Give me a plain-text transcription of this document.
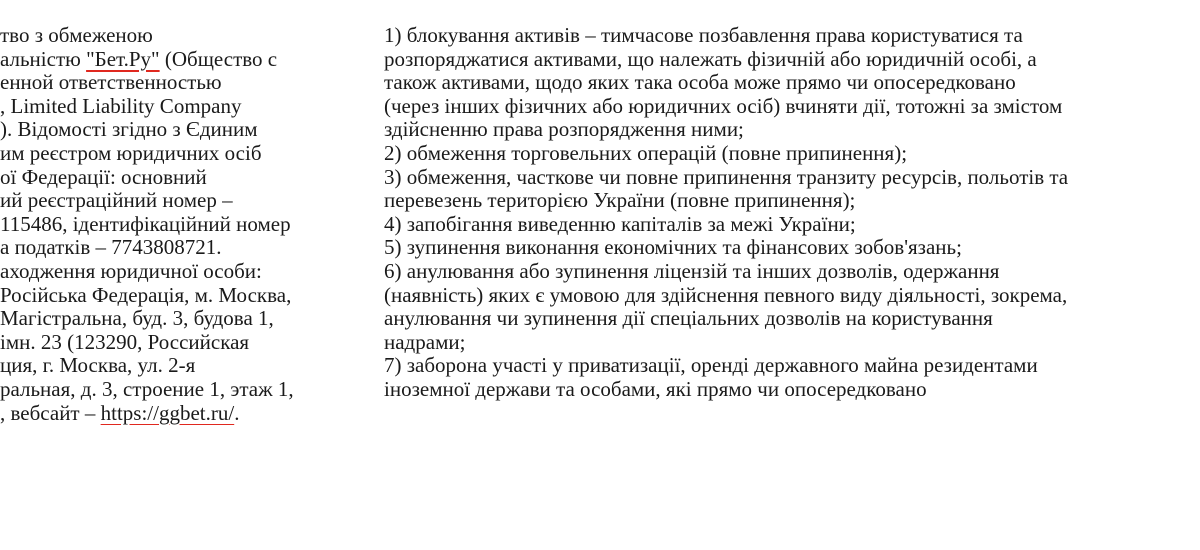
тво з обмеженою
альністю "Бет.Ру" (Общество с
енной ответственностью
, Limited Liability Company
). Відомості згідно з Єдиним
им реєстром юридичних осіб
ої Федерації: основний
ий реєстраційний номер –
115486, ідентифікаційний номер
а податків – 7743808721.
аходження юридичної особи:
Російська Федерація, м. Москва,
Магістральна, буд. 3, будова 1,
імн. 23 (123290, Российская
ция, г. Москва, ул. 2-я
ральная, д. 3, строение 1, этаж 1,
, вебсайт – https://ggbet.ru/.
1) блокування активів – тимчасове позбавлення права користуватися та
розпоряджатися активами, що належать фізичній або юридичній особі, а
також активами, щодо яких така особа може прямо чи опосередковано
(через інших фізичних або юридичних осіб) вчиняти дії, тотожні за змістом
здійсненню права розпорядження ними;
2) обмеження торговельних операцій (повне припинення);
3) обмеження, часткове чи повне припинення транзиту ресурсів, польотів та
перевезень територією України (повне припинення);
4) запобігання виведенню капіталів за межі України;
5) зупинення виконання економічних та фінансових зобов'язань;
6) анулювання або зупинення ліцензій та інших дозволів, одержання
(наявність) яких є умовою для здійснення певного виду діяльності, зокрема,
анулювання чи зупинення дії спеціальних дозволів на користування
надрами;
7) заборона участі у приватизації, оренді державного майна резидентами
іноземної держави та особами, які прямо чи опосередковано
